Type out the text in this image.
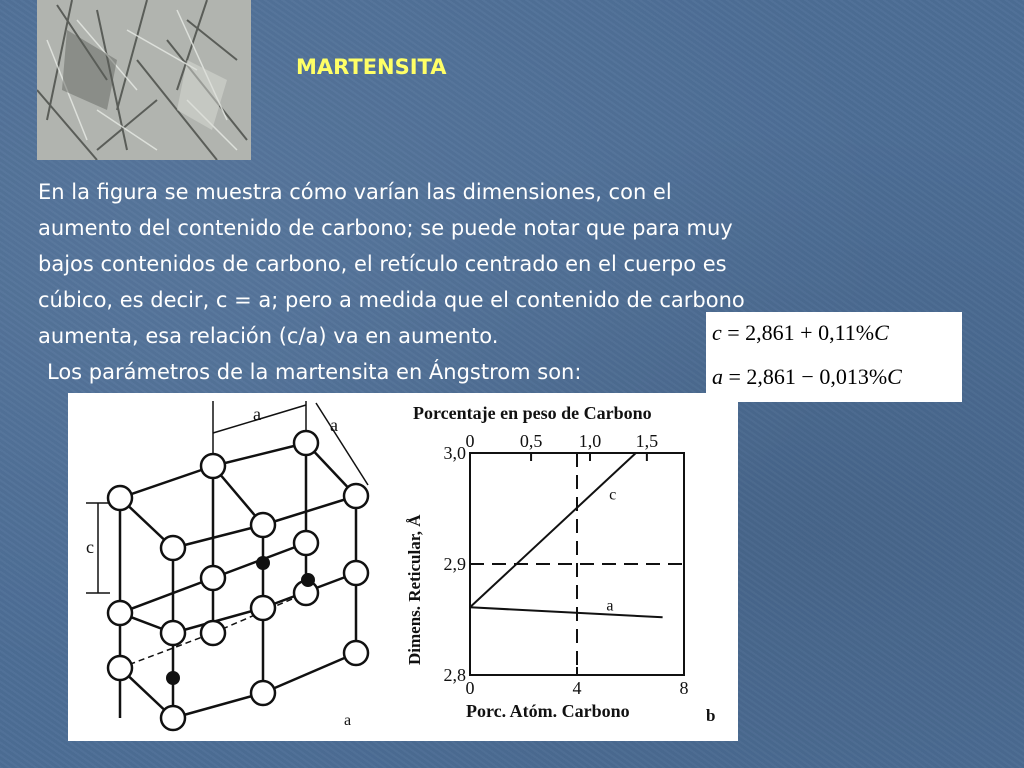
MARTENSITA

En la figura se muestra cómo varían las dimensiones, con el

aumento del contenido de carbono; se puede notar que para muy

bajos contenidos de carbono, el retículo centrado en el cuerpo es

cúbico, es decir, c = a; pero a medida que el contenido de carbono

aumenta, esa relación (c/a) va en aumento.

Los parámetros de la martensita en Ángstrom son:

c = 2,861 + 0,11%C
a = 2,861 − 0,013%C
a
a
c
a
Porcentaje en peso de Carbono
0	0,5 1,0 1,5
0	4	8
3,0
2,9
2,8
c
a
Dimens. Reticular, Å
Porc. Atóm. Carbono	b
